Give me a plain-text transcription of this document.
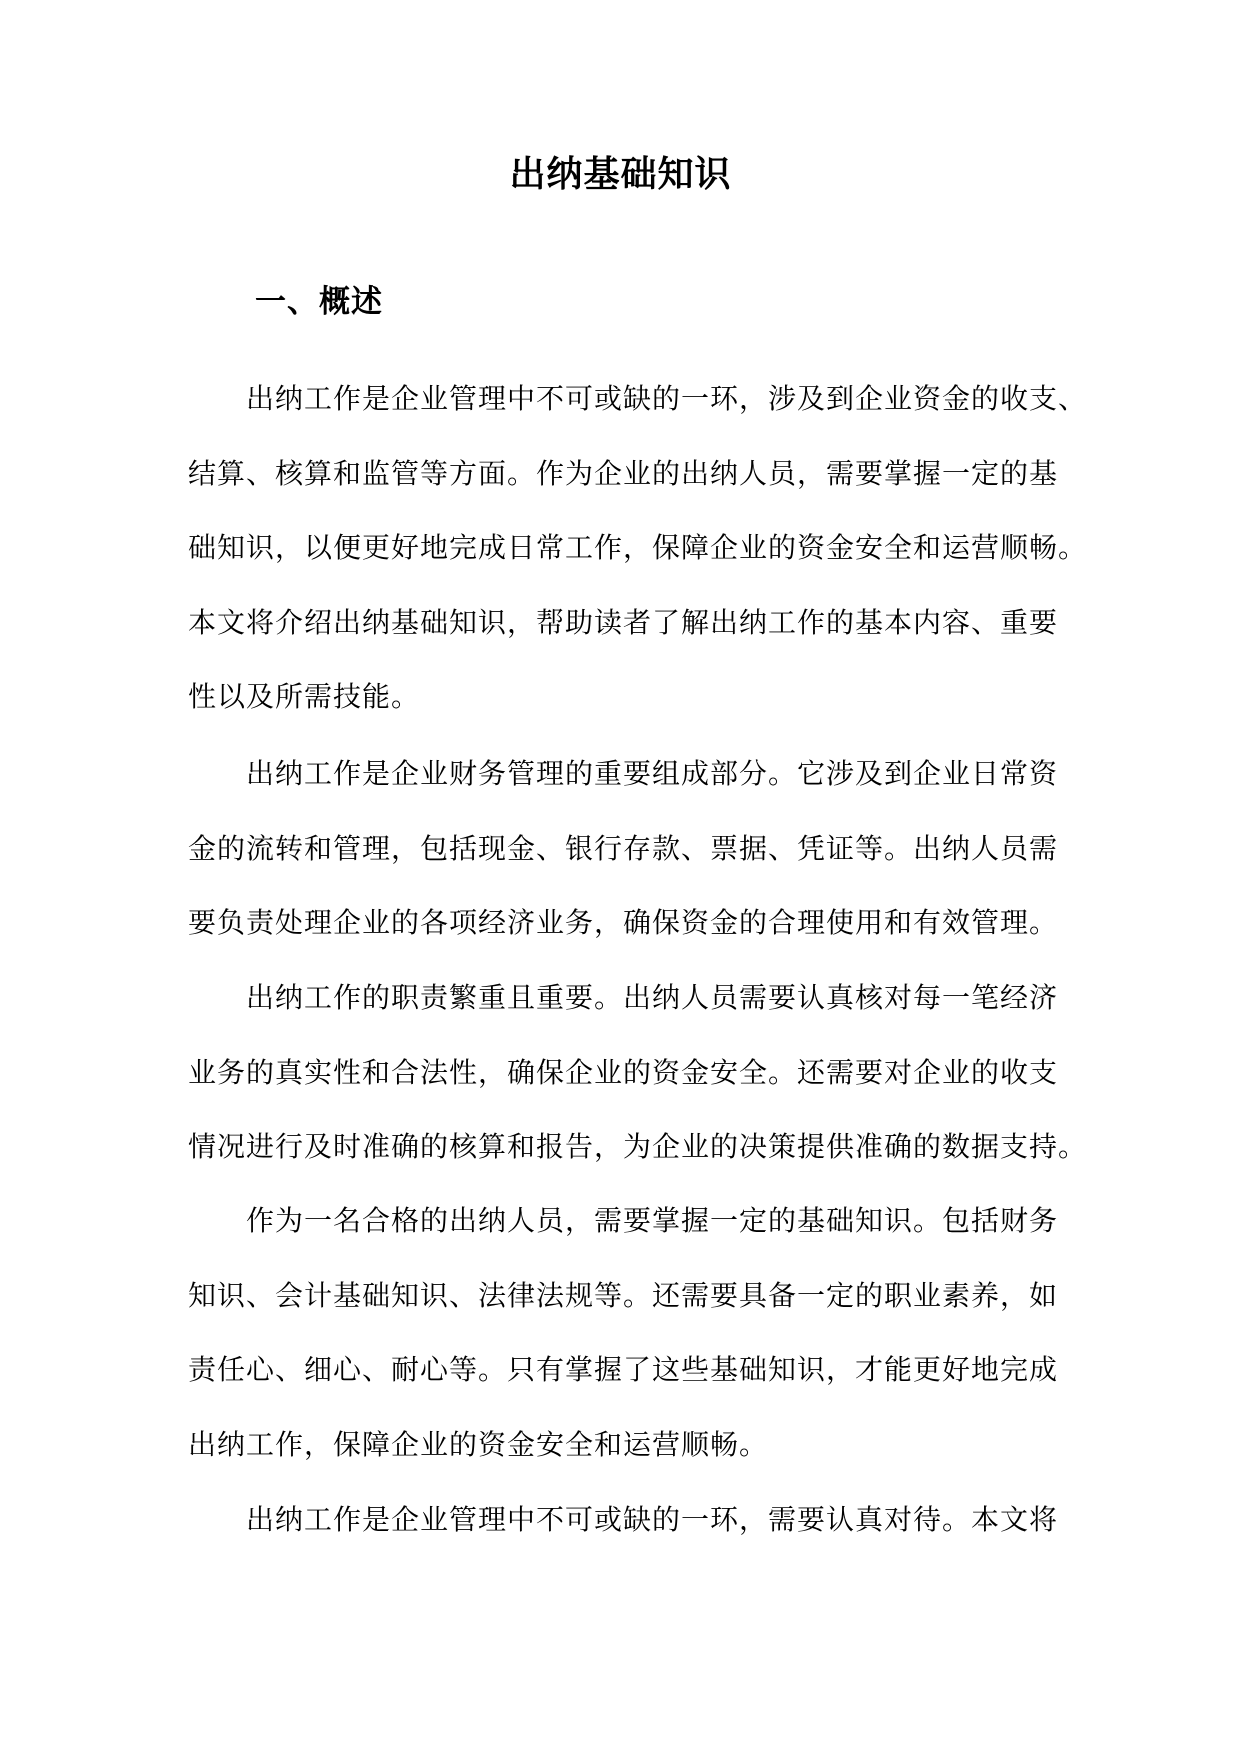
出纳基础知识
一、概述
出纳工作是企业管理中不可或缺的一环，涉及到企业资金的收支、
结算、核算和监管等方面。作为企业的出纳人员，需要掌握一定的基
础知识，以便更好地完成日常工作，保障企业的资金安全和运营顺畅。
本文将介绍出纳基础知识，帮助读者了解出纳工作的基本内容、重要
性以及所需技能。
出纳工作是企业财务管理的重要组成部分。它涉及到企业日常资
金的流转和管理，包括现金、银行存款、票据、凭证等。出纳人员需
要负责处理企业的各项经济业务，确保资金的合理使用和有效管理。
出纳工作的职责繁重且重要。出纳人员需要认真核对每一笔经济
业务的真实性和合法性，确保企业的资金安全。还需要对企业的收支
情况进行及时准确的核算和报告，为企业的决策提供准确的数据支持。
作为一名合格的出纳人员，需要掌握一定的基础知识。包括财务
知识、会计基础知识、法律法规等。还需要具备一定的职业素养，如
责任心、细心、耐心等。只有掌握了这些基础知识，才能更好地完成
出纳工作，保障企业的资金安全和运营顺畅。
出纳工作是企业管理中不可或缺的一环，需要认真对待。本文将
